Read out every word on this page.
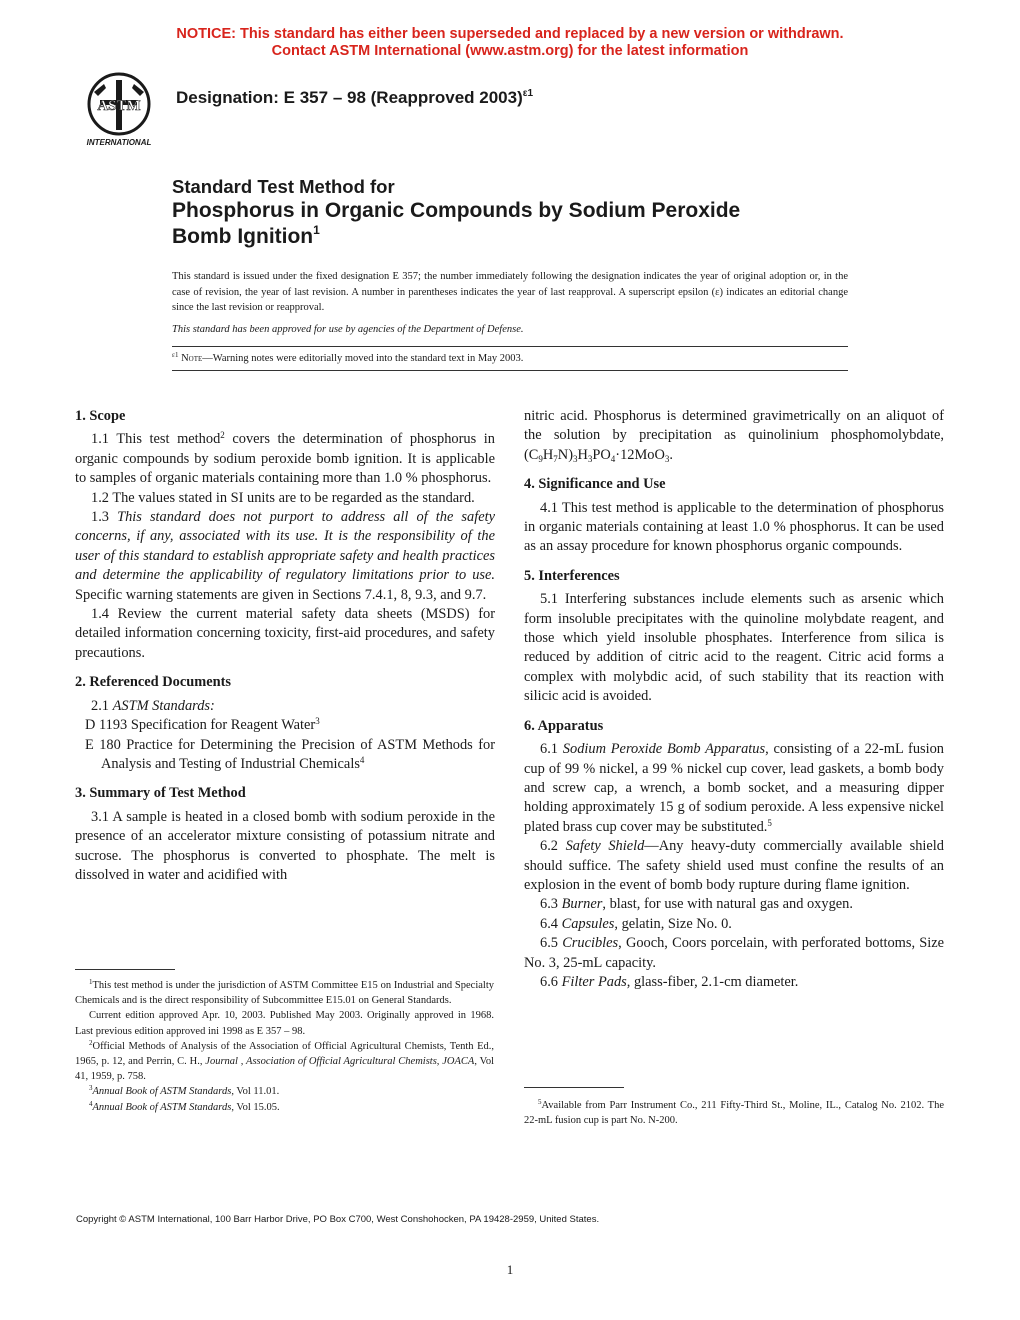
NOTICE: This standard has either been superseded and replaced by a new version or withdrawn.
Contact ASTM International (www.astm.org) for the latest information
ASTM
INTERNATIONAL
Designation: E 357 – 98 (Reapproved 2003)$^{\varepsilon 1}$
Standard Test Method for
Phosphorus in Organic Compounds by Sodium Peroxide
Bomb Ignition$^1$
This standard is issued under the fixed designation E 357; the number immediately following the designation indicates the year of original adoption or, in the case of revision, the year of last revision. A number in parentheses indicates the year of last reapproval. A superscript epsilon (ε) indicates an editorial change since the last revision or reapproval.
This standard has been approved for use by agencies of the Department of Defense.
$^{\varepsilon 1}$ Note—Warning notes were editorially moved into the standard text in May 2003.
1. Scope

1.1 This test method$^2$ covers the determination of phosphorus in organic compounds by sodium peroxide bomb ignition. It is applicable to samples of organic materials containing more than 1.0 % phosphorus.

1.2 The values stated in SI units are to be regarded as the standard.

1.3 This standard does not purport to address all of the safety concerns, if any, associated with its use. It is the responsibility of the user of this standard to establish appropriate safety and health practices and determine the applicability of regulatory limitations prior to use. Specific warning statements are given in Sections 7.4.1, 8, 9.3, and 9.7.

1.4 Review the current material safety data sheets (MSDS) for detailed information concerning toxicity, first-aid procedures, and safety precautions.

2. Referenced Documents

2.1 ASTM Standards:

D 1193 Specification for Reagent Water$^3$

E 180 Practice for Determining the Precision of ASTM Methods for Analysis and Testing of Industrial Chemicals$^4$

3. Summary of Test Method

3.1 A sample is heated in a closed bomb with sodium peroxide in the presence of an accelerator mixture consisting of potassium nitrate and sucrose. The phosphorus is converted to phosphate. The melt is dissolved in water and acidified with

nitric acid. Phosphorus is determined gravimetrically on an aliquot of the solution by precipitation as quinolinium phosphomolybdate, $(C_9H_7N)_3H_3PO_4\cdot 12MoO_3$.

4. Significance and Use

4.1 This test method is applicable to the determination of phosphorus in organic materials containing at least 1.0 % phosphorus. It can be used as an assay procedure for known phosphorus organic compounds.

5. Interferences

5.1 Interfering substances include elements such as arsenic which form insoluble precipitates with the quinoline molybdate reagent, and those which yield insoluble phosphates. Interference from silica is reduced by addition of citric acid to the reagent. Citric acid forms a complex with molybdic acid, of such stability that its reaction with silicic acid is avoided.

6. Apparatus

6.1 Sodium Peroxide Bomb Apparatus, consisting of a 22-mL fusion cup of 99 % nickel, a 99 % nickel cup cover, lead gaskets, a bomb body and screw cap, a wrench, a bomb socket, and a measuring dipper holding approximately 15 g of sodium peroxide. A less expensive nickel plated brass cup cover may be substituted.$^5$

6.2 Safety Shield—Any heavy-duty commercially available shield should suffice. The safety shield used must confine the results of an explosion in the event of bomb body rupture during flame ignition.

6.3 Burner, blast, for use with natural gas and oxygen.

6.4 Capsules, gelatin, Size No. 0.

6.5 Crucibles, Gooch, Coors porcelain, with perforated bottoms, Size No. 3, 25-mL capacity.

6.6 Filter Pads, glass-fiber, 2.1-cm diameter.

$^1$This test method is under the jurisdiction of ASTM Committee E15 on Industrial and Specialty Chemicals and is the direct responsibility of Subcommittee E15.01 on General Standards.

Current edition approved Apr. 10, 2003. Published May 2003. Originally approved in 1968. Last previous edition approved ini 1998 as E 357 – 98.

$^2$Official Methods of Analysis of the Association of Official Agricultural Chemists, Tenth Ed., 1965, p. 12, and Perrin, C. H., Journal , Association of Official Agricultural Chemists, JOACA, Vol 41, 1959, p. 758.

$^3$Annual Book of ASTM Standards, Vol 11.01.

$^4$Annual Book of ASTM Standards, Vol 15.05.	$^5$Available from Parr Instrument Co., 211 Fifty-Third St., Moline, IL., Catalog No. 2102. The 22-mL fusion cup is part No. N-200.

Copyright © ASTM International, 100 Barr Harbor Drive, PO Box C700, West Conshohocken, PA 19428-2959, United States.
1
